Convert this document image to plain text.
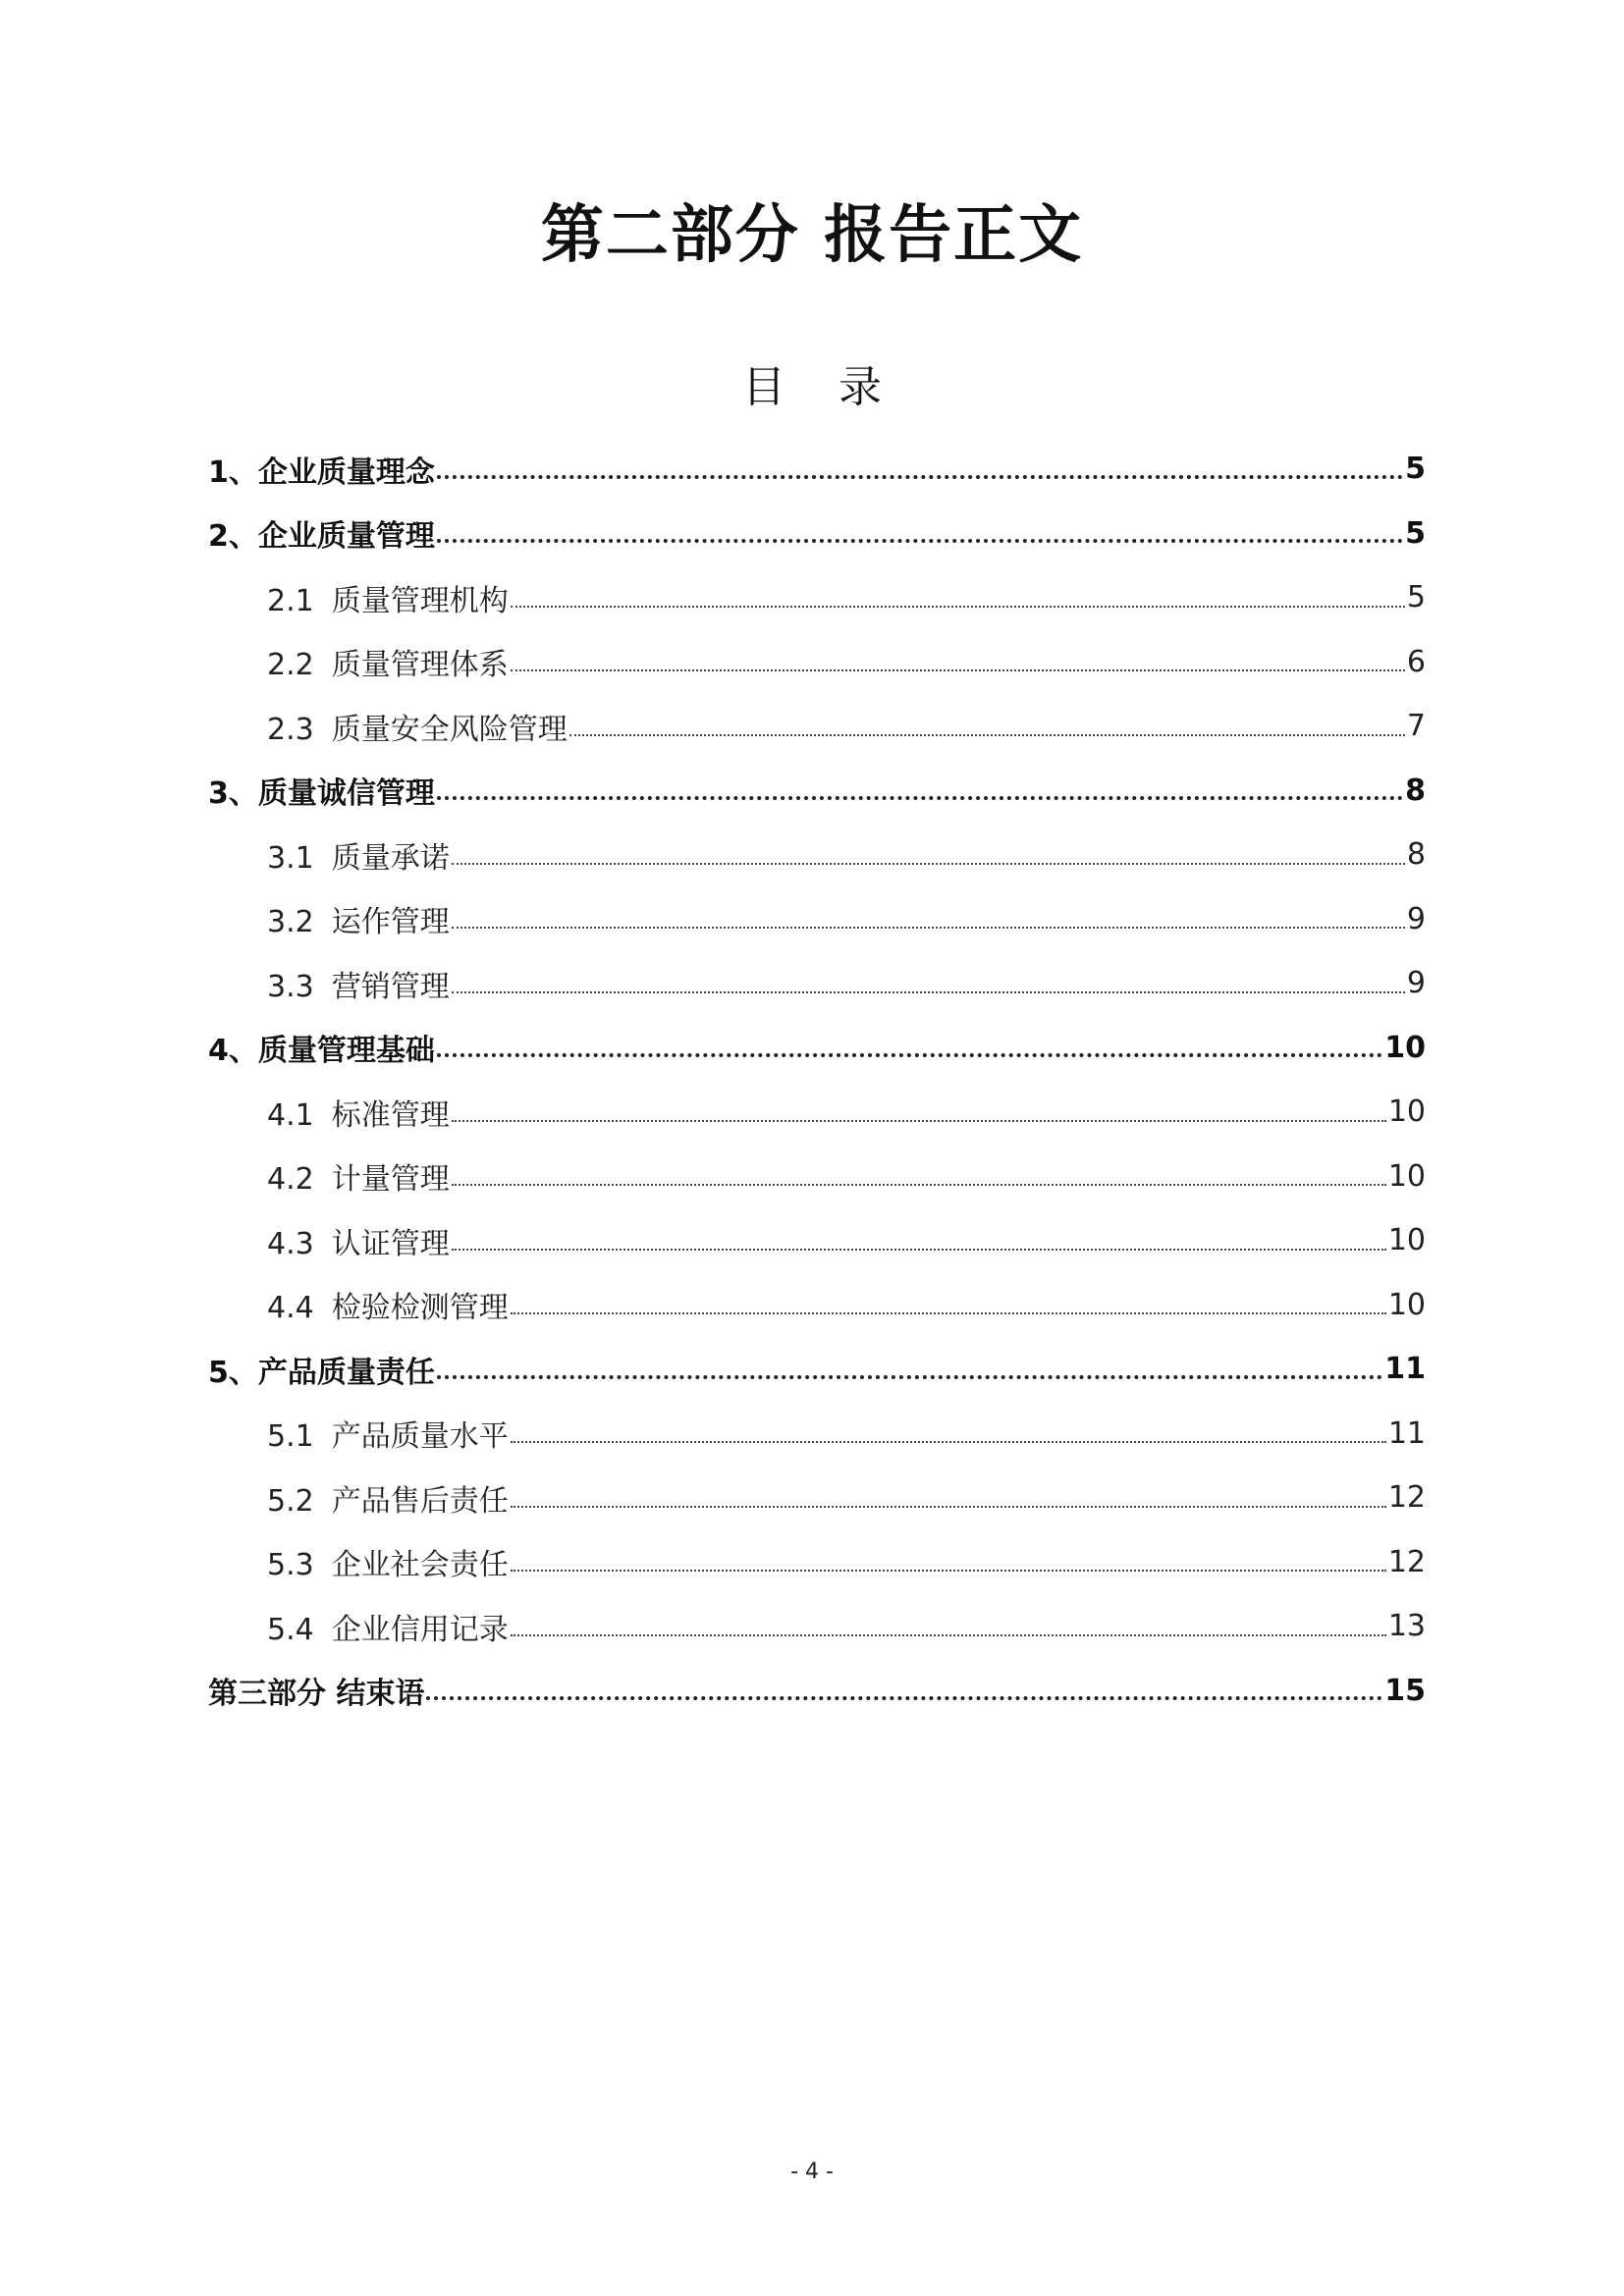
第二部分 报告正文
目 录
1、企业质量理念	5
2、企业质量管理	5
2.1 质量管理机构	5
2.2 质量管理体系	6
2.3 质量安全风险管理	7
3、质量诚信管理	8
3.1 质量承诺	8
3.2 运作管理	9
3.3 营销管理	9
4、质量管理基础	10
4.1 标准管理	10
4.2 计量管理	10
4.3 认证管理	10
4.4 检验检测管理	10
5、产品质量责任	11
5.1 产品质量水平	11
5.2 产品售后责任	12
5.3 企业社会责任	12
5.4 企业信用记录	13
第三部分 结束语	15
- 4 -
